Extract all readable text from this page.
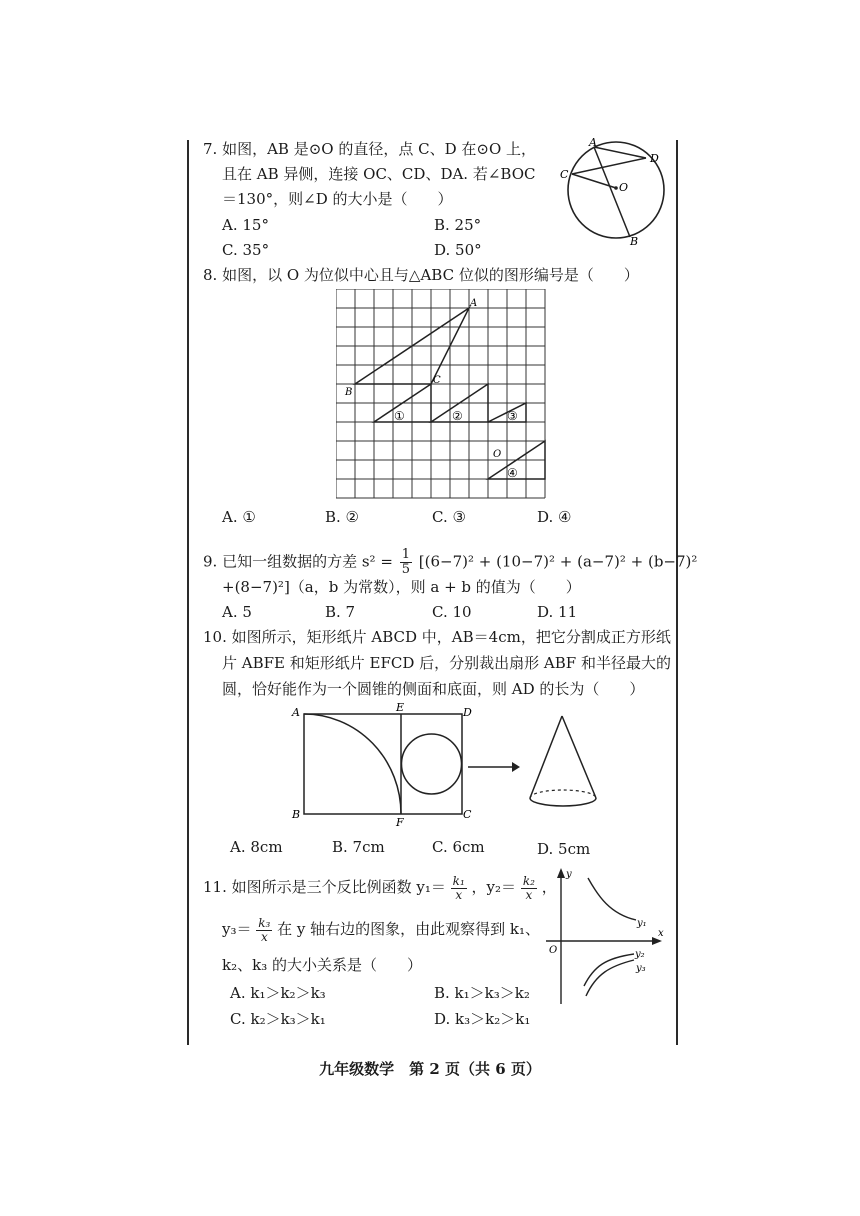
7. 如图，AB 是⊙O 的直径，点 C、D 在⊙O 上，
且在 AB 异侧，连接 OC、CD、DA. 若∠BOC
＝130°，则∠D 的大小是（　　）
A. 15°	B. 25°
C. 35°	D. 50°
A
D
C
O
B
8. 如图，以 O 为位似中心且与△ABC 位似的图形编号是（　　）
A
B
C
O
①	②	③
④
A. ①	B. ②	C. ③	D. ④
9. 已知一组数据的方差 $s^2 = \frac{1}{5} [(6-7)^2 + (10-7)^2 + (a-7)^2 + (b-7)^2$
+(8−7)²]（a，b 为常数），则 a + b 的值为（　　）
A. 5	B. 7	C. 10	D. 11
10. 如图所示，矩形纸片 ABCD 中，AB＝4cm，把它分割成正方形纸
片 ABFE 和矩形纸片 EFCD 后，分别裁出扇形 ABF 和半径最大的
圆，恰好能作为一个圆锥的侧面和底面，则 AD 的长为（　　）
A	E	D
B
F
C
A. 8cm	B. 7cm	C. 6cm	D. 5cm
11. 如图所示是三个反比例函数 $y_1= \frac{\text{k₁}}{x}$ ，$y_2= \frac{\text{k₂}}{x}$ ，
$y_3= \frac{\text{k₃}}{x}$ 在 y 轴右边的图象，由此观察得到 k₁、
k₂、k₃ 的大小关系是（　　）
A. k₁＞k₂＞k₃	B. k₁＞k₃＞k₂
C. k₂＞k₃＞k₁	D. k₃＞k₂＞k₁
y
x
O
y₁
y₂
y₃
九年级数学　第 2 页（共 6 页）
